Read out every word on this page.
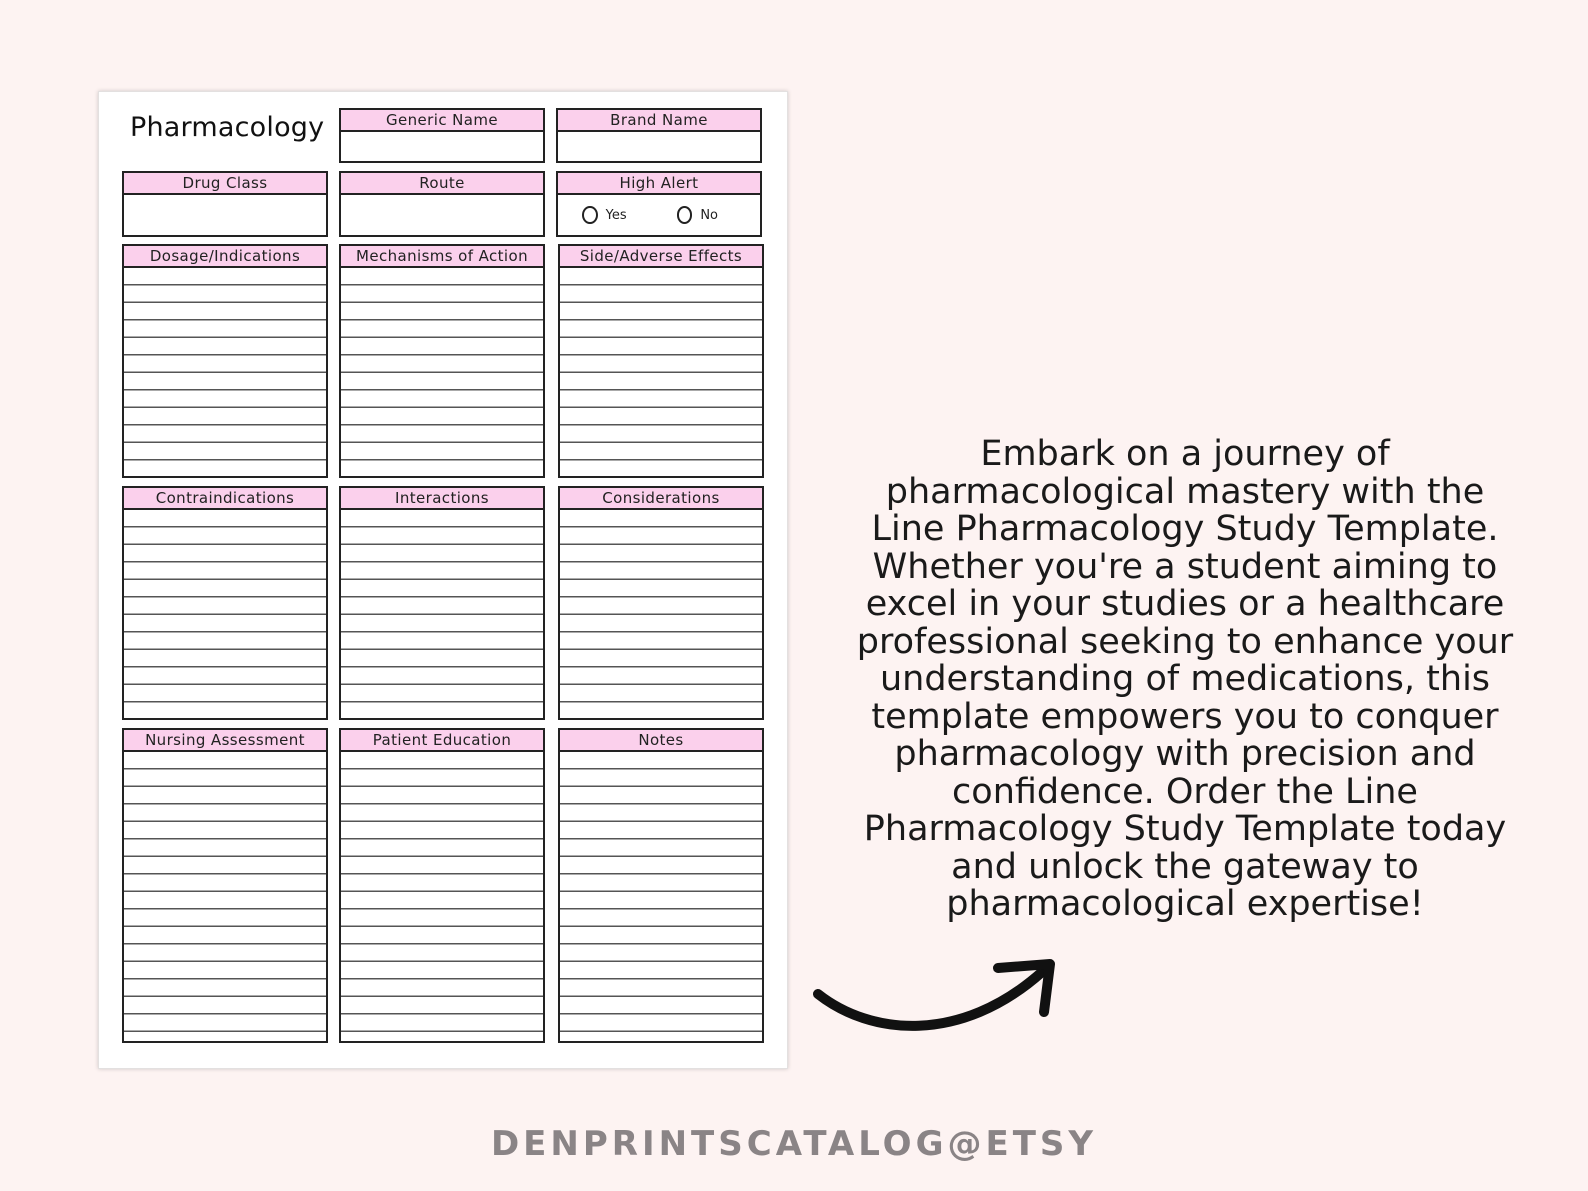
Pharmacology	Generic Name	Brand Name
Drug Class	Route	High Alert
Yes	No
Dosage/Indications	Mechanisms of Action	Side/Adverse Effects
Contraindications	Interactions	Considerations
Nursing Assessment	Patient Education	Notes
Embark on a journey of pharmacological mastery with the Line Pharmacology Study Template. Whether you're a student aiming to excel in your studies or a healthcare professional seeking to enhance your understanding of medications, this template empowers you to conquer pharmacology with precision and confidence. Order the Line Pharmacology Study Template today and unlock the gateway to pharmacological expertise!
DENPRINTSCATALOG@ETSY
